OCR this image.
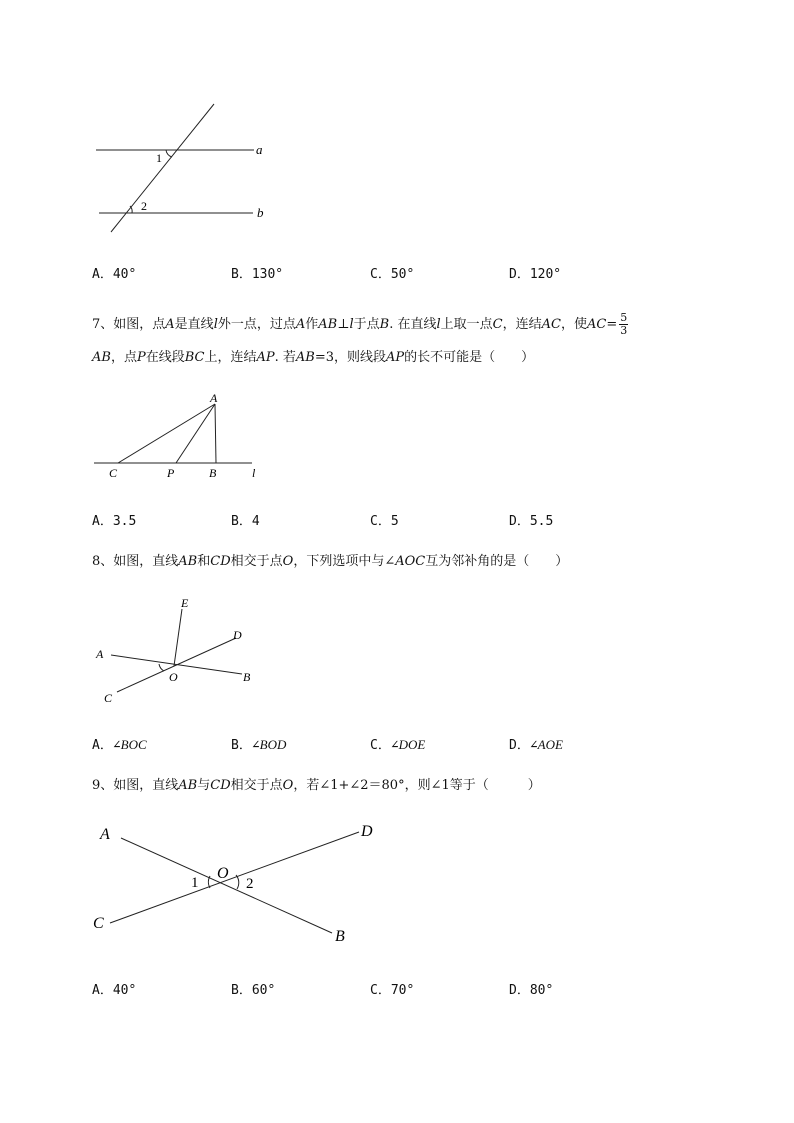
a
b
1
2
A．40°	B．130°	C．50°	D．120°
7、如图，点A是直线l外一点，过点A作AB⊥l于点B. 在直线l上取一点C，连结AC，使$AC= \frac{5}{3}$
AB，点P在线段BC上，连结AP. 若AB=3，则线段AP的长不可能是（　　）
A
C	P	B	l
A．3.5	B．4	C．5	D．5.5
8、如图，直线AB和CD相交于点O，下列选项中与∠AOC互为邻补角的是（　　）
E
D
A
O	B
C
A．∠BOC	B．∠BOD	C．∠DOE	D．∠AOE
9、如图，直线AB与CD相交于点O，若∠1+∠2＝80°，则∠1等于（　　　）
A	D
O
1	2
C
B
A．40°	B．60°	C．70°	D．80°
